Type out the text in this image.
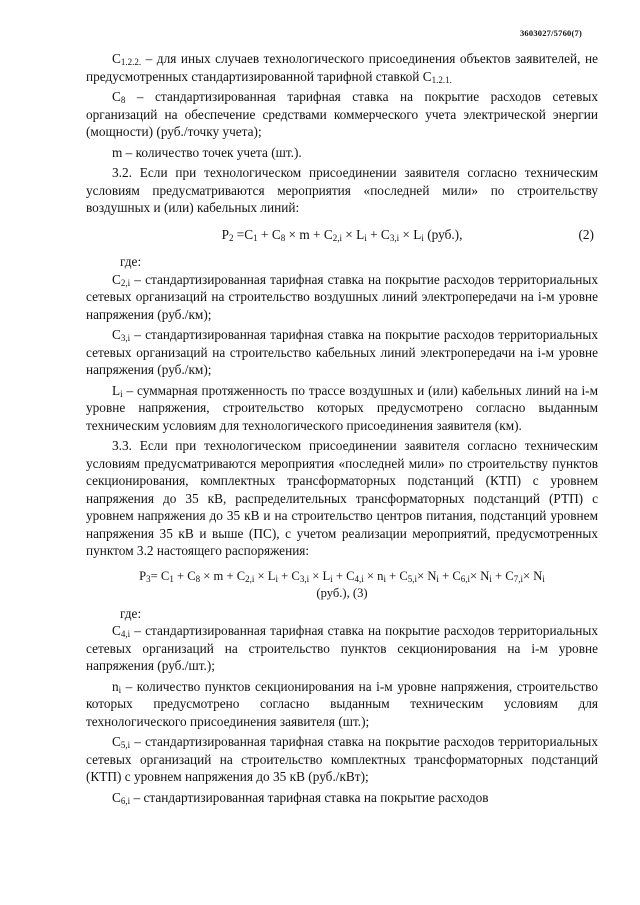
3603027/5760(7)

$C_{1.2.2.}$ – для иных случаев технологического присоединения объектов заявителей, не предусмотренных стандартизированной тарифной ставкой $C_{1.2.1.}$

$C_8$ – стандартизированная тарифная ставка на покрытие расходов сетевых организаций на обеспечение средствами коммерческого учета электрической энергии (мощности) (руб./точку учета);

m – количество точек учета (шт.).

3.2. Если при технологическом присоединении заявителя согласно техническим условиям предусматриваются мероприятия «последней мили» по строительству воздушных и (или) кабельных линий:

$P_2 =C_1 + C_8 \times m + C_{2,i} \times L_i + C_{3,i} \times L_i$ (руб.),	(2)

где:

$C_{2,i}$ – стандартизированная тарифная ставка на покрытие расходов территориальных сетевых организаций на строительство воздушных линий электропередачи на i-м уровне напряжения (руб./км);

$C_{3,i}$ – стандартизированная тарифная ставка на покрытие расходов территориальных сетевых организаций на строительство кабельных линий электропередачи на i-м уровне напряжения (руб./км);

$L_i$ – суммарная протяженность по трассе воздушных и (или) кабельных линий на i-м уровне напряжения, строительство которых предусмотрено согласно выданным техническим условиям для технологического присоединения заявителя (км).

3.3. Если при технологическом присоединении заявителя согласно техническим условиям предусматриваются мероприятия «последней мили» по строительству пунктов секционирования, комплектных трансформаторных подстанций (КТП) с уровнем напряжения до 35 кВ, распределительных трансформаторных подстанций (РТП) с уровнем напряжения до 35 кВ и на строительство центров питания, подстанций уровнем напряжения 35 кВ и выше (ПС), с учетом реализации мероприятий, предусмотренных пунктом 3.2 настоящего распоряжения:

$P_3= C_1 + C_8 \times m + C_{2,i} \times L_i + C_{3,i} \times L_i + C_{4,i} \times n_i + C_{5,i}\times N_i + C_{6,i}\times N_i + C_{7,i}\times N_i$
(руб.), (3)

где:

$C_{4,i}$ – стандартизированная тарифная ставка на покрытие расходов территориальных сетевых организаций на строительство пунктов секционирования на i-м уровне напряжения (руб./шт.);

$n_i$ – количество пунктов секционирования на i-м уровне напряжения, строительство которых предусмотрено согласно выданным техническим условиям для технологического присоединения заявителя (шт.);

$C_{5,i}$ – стандартизированная тарифная ставка на покрытие расходов территориальных сетевых организаций на строительство комплектных трансформаторных подстанций (КТП) с уровнем напряжения до 35 кВ (руб./кВт);

$C_{6,i}$ – стандартизированная тарифная ставка на покрытие расходов
